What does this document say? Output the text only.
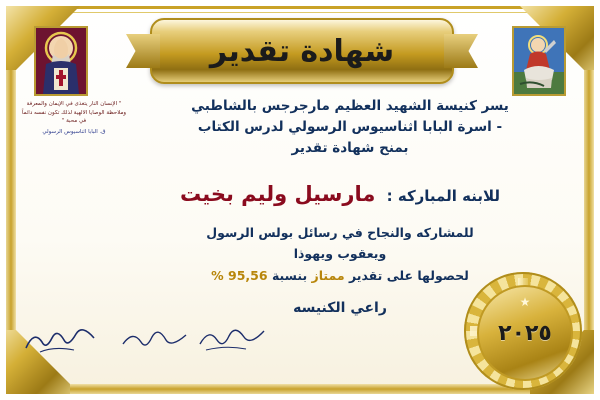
شهادة تقدير
" الإنسان النار يتغذى في الإيمان والمعرفة وملاحظة الوصايا الالهية لذلك تكون نفسه دائماً في محبة "
ق. البابا اثناسيوس الرسولي
يسر كنيسة الشهيد العظيم مارجرجس بالشاطبي
- اسرة البابا اثناسيوس الرسولي لدرس الكتاب
بمنح شهادة تقدير
للابنه المباركه : مارسيل وليم بخيت
للمشاركه والنجاح في رسائل بولس الرسول
ويعقوب ويهوذا
لحصولها على تقدير ممتاز بنسبة 95,56 %
راعي الكنيسه	★
٢٠٢٥
